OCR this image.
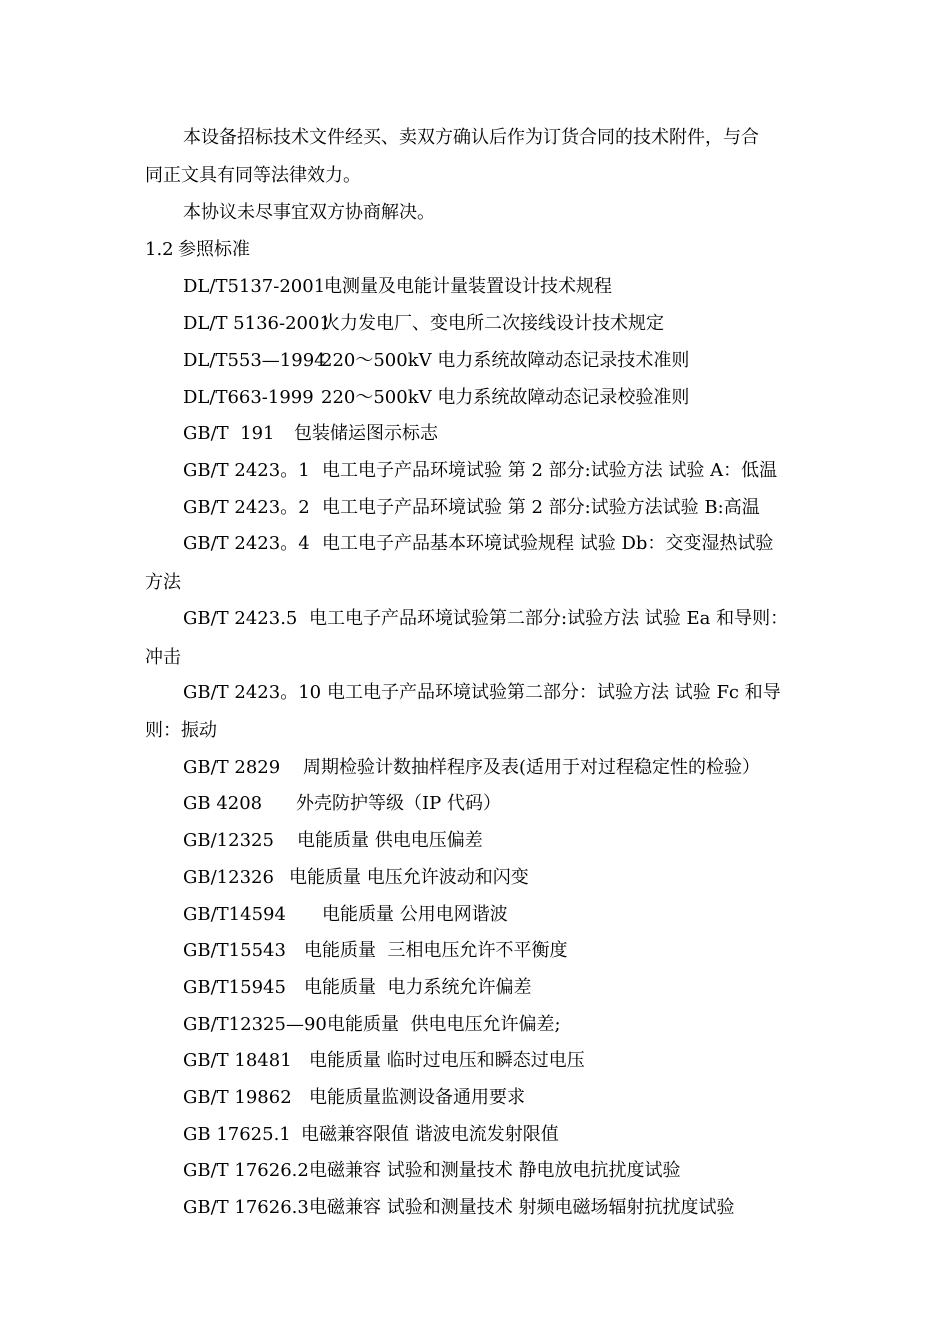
本设备招标技术文件经买、卖双方确认后作为订货合同的技术附件，与合

同正文具有同等法律效力。

本协议未尽事宜双方协商解决。

1.2

参照标准

DL/T5137-2001

电测量及电能计量装置设计技术规程

DL/T 5136-2001

火力发电厂、变电所二次接线设计技术规定

DL/T553—1994

220～500kV 电力系统故障动态记录技术准则

DL/T663-1999

220～500kV 电力系统故障动态记录校验准则

GB/T  191

包装储运图示标志

GB/T 2423。1

电工电子产品环境试验 第 2 部分:试验方法 试验 A：低温

GB/T 2423。2

电工电子产品环境试验 第 2 部分:试验方法试验 B:高温

GB/T 2423。4

电工电子产品基本环境试验规程 试验 Db：交变湿热试验

方法

GB/T 2423.5

电工电子产品环境试验第二部分:试验方法 试验 Ea 和导则：

冲击

GB/T 2423。10

电工电子产品环境试验第二部分：试验方法 试验 Fc 和导

则：振动

GB/T 2829

周期检验计数抽样程序及表(适用于对过程稳定性的检验）

GB 4208

外壳防护等级（IP 代码）

GB/12325

电能质量 供电电压偏差

GB/12326

电能质量 电压允许波动和闪变

GB/T14594

电能质量 公用电网谐波

GB/T15543

电能质量  三相电压允许不平衡度

GB/T15945

电能质量  电力系统允许偏差

GB/T12325—90

电能质量  供电电压允许偏差;

GB/T 18481

电能质量 临时过电压和瞬态过电压

GB/T 19862

电能质量监测设备通用要求

GB 17625.1

电磁兼容限值 谐波电流发射限值

GB/T 17626.2

电磁兼容 试验和测量技术 静电放电抗扰度试验

GB/T 17626.3

电磁兼容 试验和测量技术 射频电磁场辐射抗扰度试验
